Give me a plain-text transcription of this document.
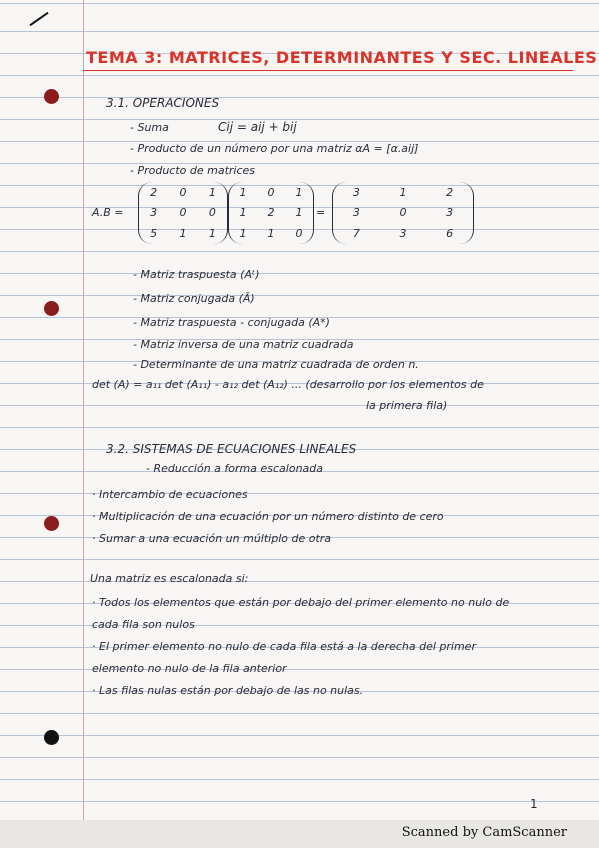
TEMA 3: MATRICES, DETERMINANTES Y SEC. LINEALES
3.1. OPERACIONES
- Suma	Cij = aij + bij
- Producto de un número por una matriz αA = [α.aij]
- Producto de matrices
A.B =
2 0 1
3 0 0
5 1 1
1 0 1
1 2 1
1 1 0
=
3	1	2
3	0	3
7	3	6
- Matriz traspuesta (Aᵗ)
- Matriz conjugada (Ā)
- Matriz traspuesta - conjugada (A*)
- Matriz inversa de una matriz cuadrada
- Determinante de una matriz cuadrada de orden n.
det (A) = a₁₁ det (A₁₁) - a₁₂ det (A₁₂) ... (desarrollo por los elementos de
la primera fila)
3.2. SISTEMAS DE ECUACIONES LINEALES
- Reducción a forma escalonada
· Intercambio de ecuaciones
· Multiplicación de una ecuación por un número distinto de cero
· Sumar a una ecuación un múltiplo de otra
Una matriz es escalonada si:
· Todos los elementos que están por debajo del primer elemento no nulo de
cada fila son nulos
· El primer elemento no nulo de cada fila está a la derecha del primer
elemento no nulo de la fila anterior
· Las filas nulas están por debajo de las no nulas.
1
Scanned by CamScanner
